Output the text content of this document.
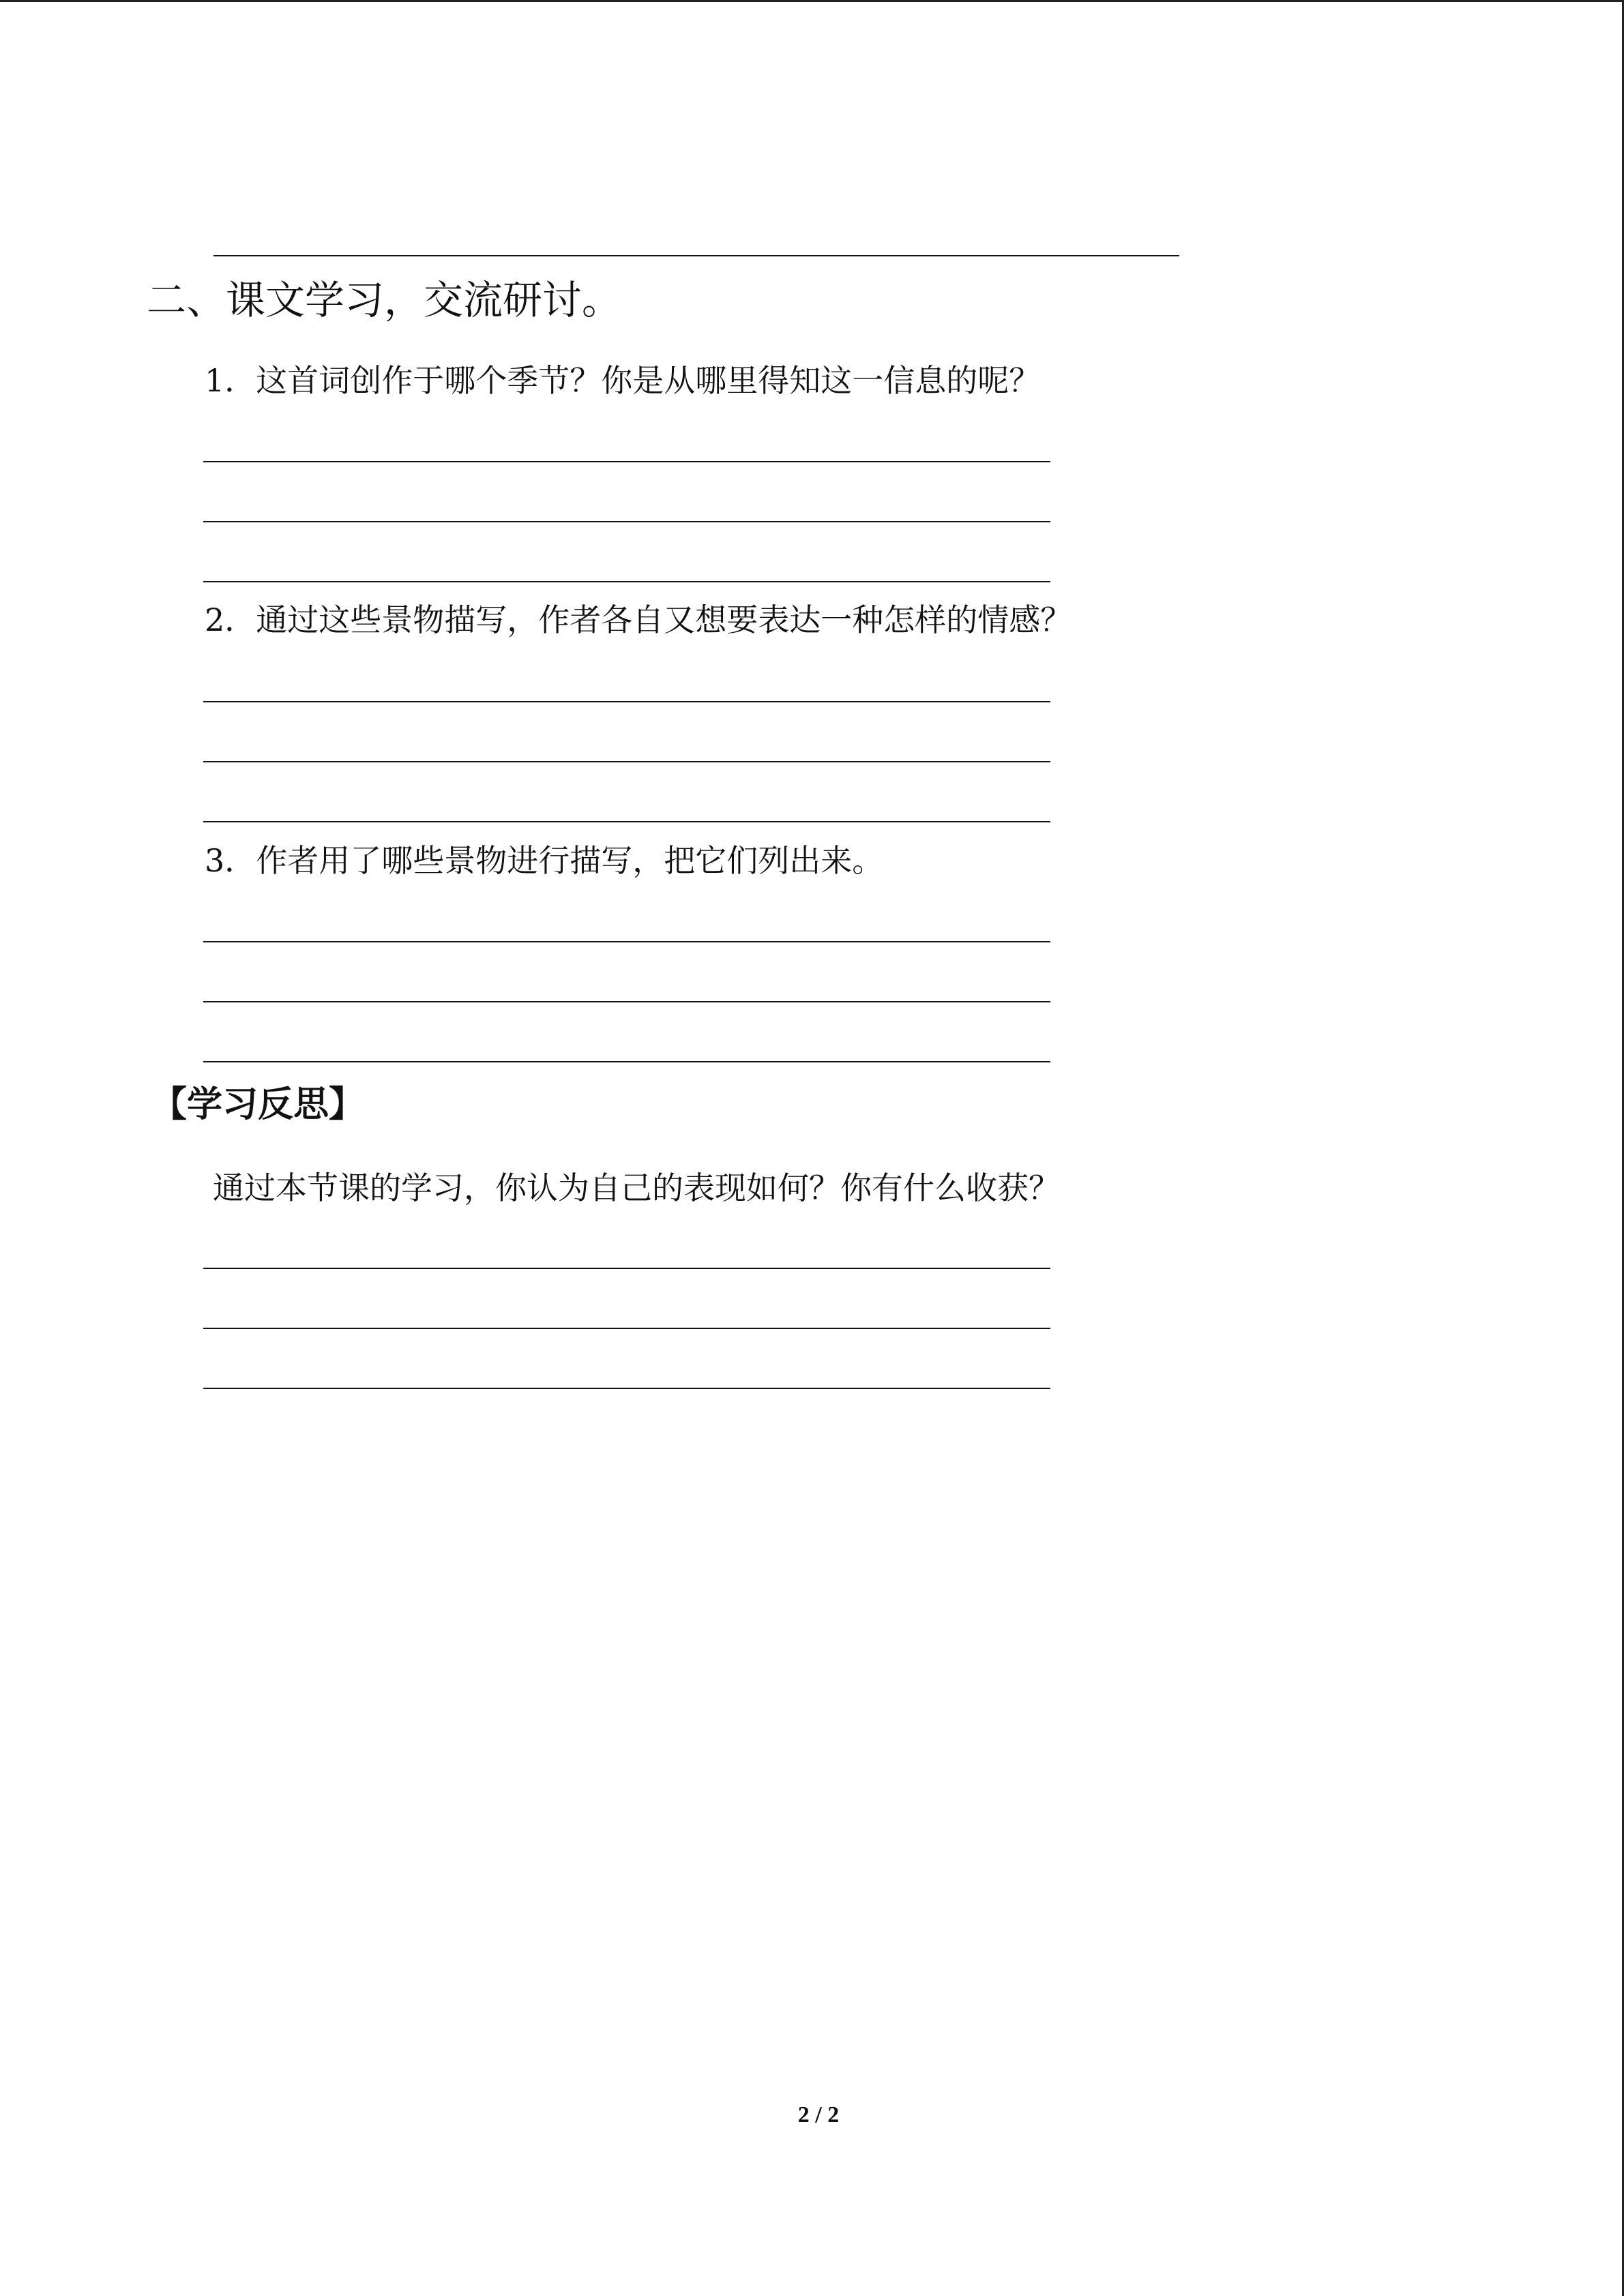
二、课文学习，交流研讨。
1．这首词创作于哪个季节？你是从哪里得知这一信息的呢？
2．通过这些景物描写，作者各自又想要表达一种怎样的情感？
3．作者用了哪些景物进行描写，把它们列出来。
【学习反思】
通过本节课的学习，你认为自己的表现如何？你有什么收获？
2 / 2
